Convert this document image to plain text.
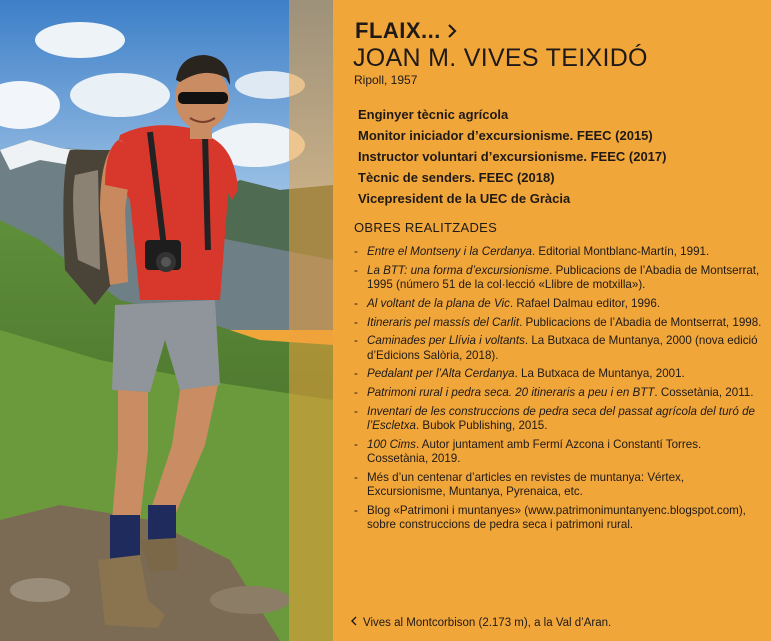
FLAIX...
JOAN M. VIVES TEIXIDÓ
Ripoll, 1957
Enginyer tècnic agrícola
Monitor iniciador d’excursionisme. FEEC (2015)
Instructor voluntari d’excursionisme. FEEC (2017)
Tècnic de senders. FEEC (2018)
Vicepresident de la UEC de Gràcia
OBRES REALITZADES
- Entre el Montseny i la Cerdanya. Editorial Montblanc-Martín, 1991.
- La BTT: una forma d’excursionisme. Publicacions de l’Abadia de Montserrat, 1995 (número 51 de la col·lecció «Llibre de motxilla»).
- Al voltant de la plana de Vic. Rafael Dalmau editor, 1996.
- Itineraris pel massís del Carlit. Publicacions de l’Abadia de Montserrat, 1998.
- Caminades per Llívia i voltants. La Butxaca de Muntanya, 2000 (nova edició d’Edicions Salòria, 2018).
- Pedalant per l’Alta Cerdanya. La Butxaca de Muntanya, 2001.
- Patrimoni rural i pedra seca. 20 itineraris a peu i en BTT. Cossetània, 2011.
- Inventari de les construccions de pedra seca del passat agrícola del turó de l’Escletxa. Bubok Publishing, 2015.
- 100 Cims. Autor juntament amb Fermí Azcona i Constantí Torres. Cossetània, 2019.
- Més d’un centenar d’articles en revistes de muntanya: Vértex, Excursionisme, Muntanya, Pyrenaica, etc.
- Blog «Patrimoni i muntanyes» (www.patrimonimuntanyenc.blogspot.com), sobre construccions de pedra seca i patrimoni rural.
Vives al Montcorbison (2.173 m), a la Val d’Aran.
